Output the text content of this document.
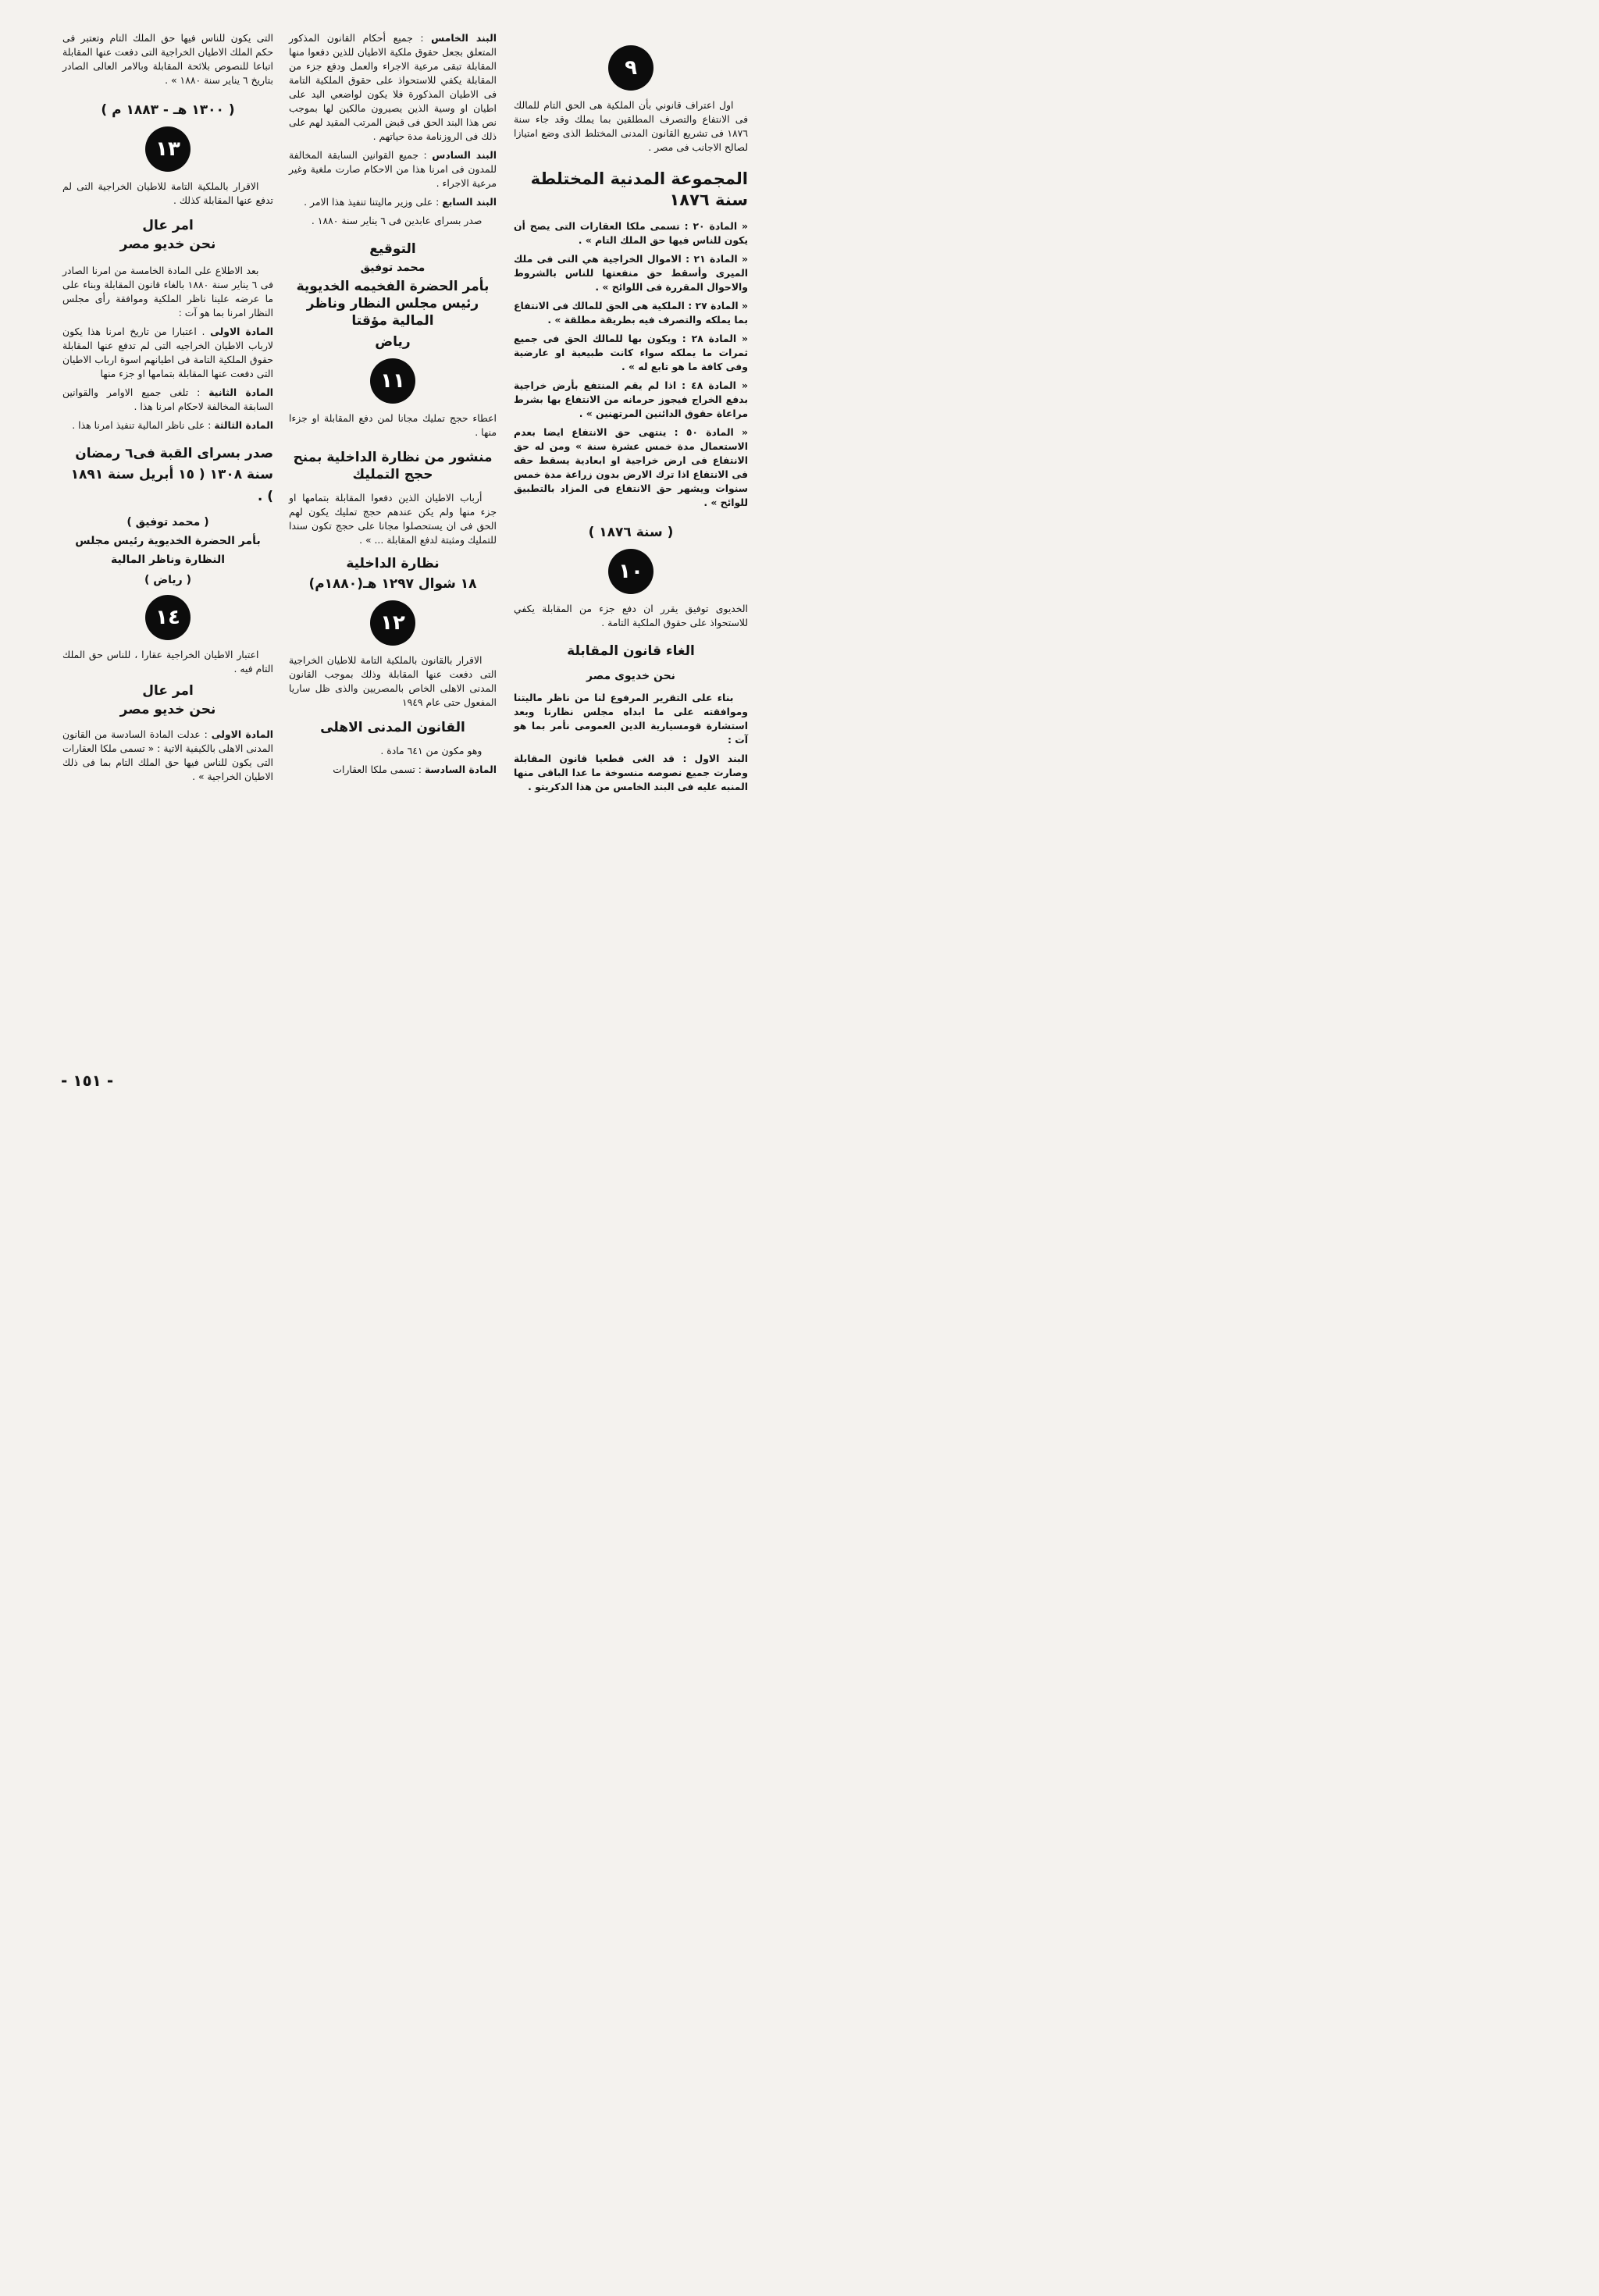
٩

اول اعتراف قانوني بأن الملكية هى الحق التام للمالك فى الانتفاع والتصرف المطلقين بما يملك وقد جاء سنة ١٨٧٦ فى تشريع القانون المدنى المختلط الذى وضع امتيازا لصالح الاجانب فى مصر .

المجموعة المدنية المختلطة سنة ١٨٧٦

« المادة ٢٠ : تسمى ملكا العقارات التى يصح أن يكون للناس فيها حق الملك التام » .

« المادة ٢١ : الاموال الخراجية هي التى فى ملك الميرى وأسقط حق منفعتها للناس بالشروط والاحوال المقررة فى اللوائح » .

« المادة ٢٧ : الملكية هى الحق للمالك فى الانتفاع بما يملكه والتصرف فيه بطريقة مطلقة » .

« المادة ٢٨ : ويكون بها للمالك الحق فى جميع ثمرات ما يملكه سواء كانت طبيعية او عارضية وفى كافة ما هو تابع له » .

« المادة ٤٨ : اذا لم يقم المنتفع بأرض خراجية بدفع الخراج فيجوز حرمانه من الانتفاع بها بشرط مراعاة حقوق الدائنين المرتهنين » .

« المادة ٥٠ : ينتهى حق الانتفاع ايضا بعدم الاستعمال مدة خمس عشرة سنة » ومن له حق الانتفاع فى ارض خراجية او ابعادية يسقط حقه فى الانتفاع اذا ترك الارض بدون زراعة مدة خمس سنوات ويشهر حق الانتفاع فى المزاد بالتطبيق للوائح » .

( سنة ١٨٧٦ )
١٠

الخديوى توفيق يقرر ان دفع جزء من المقابلة يكفي للاستحواذ على حقوق الملكية التامة .

الغاء قانون المقابلة
نحن خديوى مصر

بناء على التقرير المرفوع لنا من ناظر ماليتنا وموافقته على ما ابداه مجلس نظارنا وبعد استشارة قومسيارية الدين العمومى نأمر بما هو آت :

البند الاول : قد الغى قطعيا قانون المقابلة وصارت جميع نصوصه منسوخة ما عدا الباقى منها المنبه عليه فى البند الخامس من هذا الدكريتو .

البند الخامس : جميع أحكام القانون المذكور المتعلق بجعل حقوق ملكية الاطيان للذين دفعوا منها المقابلة تبقى مرعية الاجراء والعمل ودفع جزء من المقابلة يكفي للاستحواذ على حقوق الملكية التامة فى الاطيان المذكورة فلا يكون لواضعي اليد على اطيان او وسية الذين يصيرون مالكين لها بموجب نص هذا البند الحق فى قبض المرتب المقيد لهم على ذلك فى الروزنامة مدة حياتهم .

البند السادس : جميع القوانين السابقة المخالفة للمدون فى امرنا هذا من الاحكام صارت ملغية وغير مرعية الاجراء .

البند السابع : على وزير ماليتنا تنفيذ هذا الامر .

صدر بسراى عابدين فى ٦ يناير سنة ١٨٨٠ .

التوقيع
محمد توفيق
بأمر الحضرة الفخيمه الخديوية رئيس مجلس النظار وناظر المالية مؤقتا
رياض
١١

اعطاء حجج تمليك مجانا لمن دفع المقابلة او جزءا منها .

منشور من نظارة الداخلية بمنح حجج التمليك

أرباب الاطيان الذين دفعوا المقابلة بتمامها او جزء منها ولم يكن عندهم حجج تمليك يكون لهم الحق فى ان يستحصلوا مجانا على حجج تكون سندا للتمليك ومثبتة لدفع المقابلة ... » .

نظارة الداخلية
١٨ شوال ١٢٩٧ هـ(١٨٨٠م)
١٢

الاقرار بالقانون بالملكية التامة للاطيان الخراجية التى دفعت عنها المقابلة وذلك بموجب القانون المدنى الاهلى الخاص بالمصريين والذى ظل ساريا المفعول حتى عام ١٩٤٩

القانون المدنى الاهلى

وهو مكون من ٦٤١ مادة .

المادة السادسة : تسمى ملكا العقارات

التى يكون للناس فيها حق الملك التام وتعتبر فى حكم الملك الاطيان الخراجية التى دفعت عنها المقابلة اتباعا للنصوص بلائحة المقابلة وبالامر العالى الصادر بتاريخ ٦ يناير سنة ١٨٨٠ » .

( ١٣٠٠ هـ - ١٨٨٣ م )
١٣

الاقرار بالملكية التامة للاطيان الخراجية التى لم تدفع عنها المقابلة كذلك .

امر عال
نحن خديو مصر

بعد الاطلاع على المادة الخامسة من امرنا الصادر فى ٦ يناير سنة ١٨٨٠ بالغاء قانون المقابلة وبناء على ما عرضه علينا ناظر الملكية وموافقة رأى مجلس النظار امرنا بما هو آت :

المادة الاولى . اعتبارا من تاريخ امرنا هذا يكون لارباب الاطيان الخراجيه التى لم تدفع عنها المقابلة حقوق الملكية التامة فى اطيانهم اسوة ارباب الاطيان التى دفعت عنها المقابلة بتمامها او جزء منها

المادة الثانية : تلغى جميع الاوامر والقوانين السابقة المخالفة لاحكام امرنا هذا .

المادة الثالثة : على ناظر المالية تنفيذ امرنا هذا .

صدر بسراى القبة فى٦ رمضان سنة ١٣٠٨ ( ١٥ أبريل سنة ١٨٩١ ) .
( محمد توفيق )
بأمر الحضرة الخديوية رئيس مجلس النظارة وناظر المالية
( رياض )
١٤

اعتبار الاطيان الخراجية عقارا ، للناس حق الملك التام فيه .

امر عال
نحن خديو مصر

المادة الاولى : عدلت المادة السادسة من القانون المدنى الاهلى بالكيفية الاتية : « تسمى ملكا العقارات التى يكون للناس فيها حق الملك التام بما فى ذلك الاطيان الخراجية » .

- ١٥١ -
